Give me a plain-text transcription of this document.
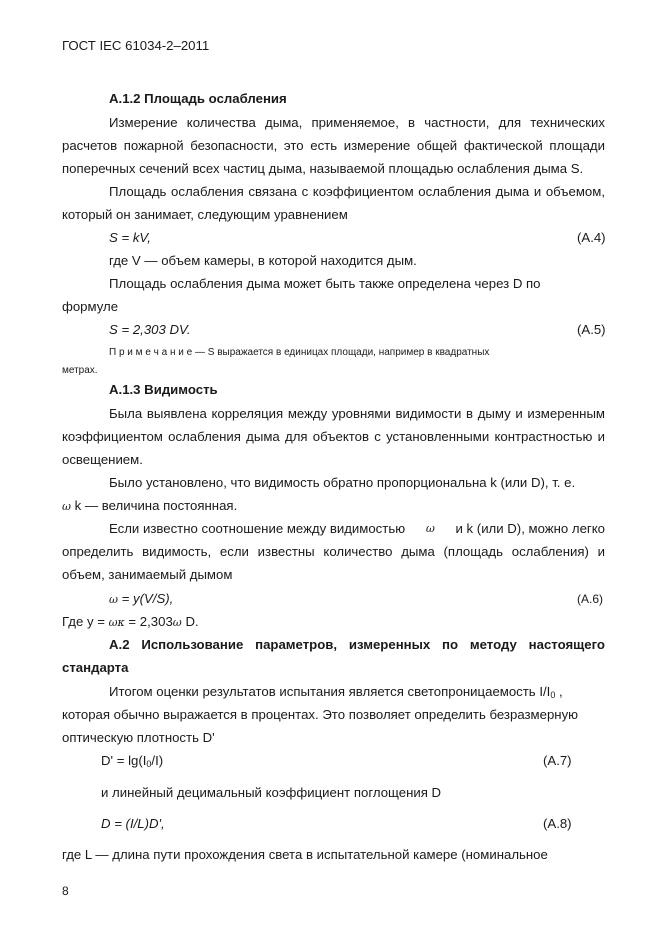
ГОСТ IEC 61034-2–2011
А.1.2 Площадь ослабления
Измерение количества дыма, применяемое, в частности, для технических
расчетов пожарной безопасности, это есть измерение общей фактической площади
поперечных сечений всех частиц дыма, называемой площадью ослабления дыма S.
Площадь ослабления связана с коэффициентом ослабления дыма и объемом,
который он занимает, следующим уравнением
S = kV,	(А.4)
где V — объем камеры, в которой находится дым.
Площадь ослабления дыма может быть также определена через D по
формуле
S = 2,303 DV.	(А.5)
П р и м е ч а н и е — S выражается в единицах площади, например в квадратных
метрах.
А.1.3 Видимость
Была выявлена корреляция между уровнями видимости в дыму и измеренным
коэффициентом ослабления дыма для объектов с установленными контрастностью и
освещением.
Было установлено, что видимость обратно пропорциональна k (или D), т. е.
ω k — величина постоянная.
Если известно соотношение между видимостью ω и k (или D), можно легко
определить видимость, если известны количество дыма (площадь ослабления) и
объем, занимаемый дымом
ω = y(V/S),	(А.6)
Где y = ωκ = 2,303ω D.
А.2 Использование параметров, измеренных по методу настоящего
стандарта
Итогом оценки результатов испытания является светопроницаемость $I/I_0$ ,
которая обычно выражается в процентах. Это позволяет определить безразмерную
оптическую плотность D'
$D' = \lg(I_0/I)$	(А.7)
и линейный децимальный коэффициент поглощения D
D = (I/L)D',	(А.8)
где L — длина пути прохождения света в испытательной камере (номинальное
8
